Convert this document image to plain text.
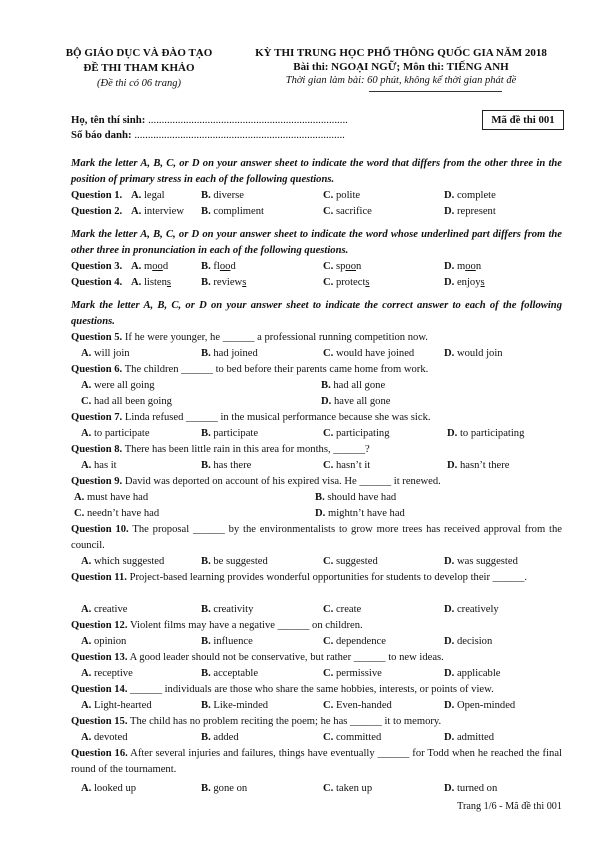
BỘ GIÁO DỤC VÀ ĐÀO TẠO
ĐỀ THI THAM KHẢO
(Đề thi có 06 trang)
KỲ THI TRUNG HỌC PHỔ THÔNG QUỐC GIA NĂM 2018
Bài thi: NGOẠI NGỮ; Môn thi: TIẾNG ANH
Thời gian làm bài: 60 phút, không kể thời gian phát đề
Họ, tên thí sinh: ..........................................................................
Số báo danh: ..............................................................................
Mã đề thi 001
Mark the letter A, B, C, or D on your answer sheet to indicate the word that differs from the other three in the position of primary stress in each of the following questions.
Question 1. A. legal	B. diverse	C. polite	D. complete
Question 2. A. interview B. compliment	C. sacrifice	D. represent
Mark the letter A, B, C, or D on your answer sheet to indicate the word whose underlined part differs from the other three in pronunciation in each of the following questions.
Question 3. A. mood	B. flood	C. spoon	D. moon
Question 4. A. listens	B. reviews	C. protects	D. enjoys
Mark the letter A, B, C, or D on your answer sheet to indicate the correct answer to each of the following questions.
Question 5. If he were younger, he ______ a professional running competition now.
A. will join	B. had joined	C. would have joined	D. would join
Question 6. The children ______ to bed before their parents came home from work.
A. were all going	B. had all gone
C. had all been going	D. have all gone
Question 7. Linda refused ______ in the musical performance because she was sick.
A. to participate	B. participate	C. participating	D. to participating
Question 8. There has been little rain in this area for months, ______?
A. has it	B. has there	C. hasn’t it	D. hasn’t there
Question 9. David was deported on account of his expired visa. He ______ it renewed.
A. must have had	B. should have had
C. needn’t have had	D. mightn’t have had
Question 10. The proposal ______ by the environmentalists to grow more trees has received approval from the council.
A. which suggested	B. be suggested	C. suggested	D. was suggested
Question 11. Project-based learning provides wonderful opportunities for students to develop their ______.
A. creative	B. creativity	C. create	D. creatively
Question 12. Violent films may have a negative ______ on children.
A. opinion	B. influence	C. dependence	D. decision
Question 13. A good leader should not be conservative, but rather ______ to new ideas.
A. receptive	B. acceptable	C. permissive	D. applicable
Question 14. ______ individuals are those who share the same hobbies, interests, or points of view.
A. Light-hearted	B. Like-minded	C. Even-handed	D. Open-minded
Question 15. The child has no problem reciting the poem; he has ______ it to memory.
A. devoted	B. added	C. committed	D. admitted
Question 16. After several injuries and failures, things have eventually ______ for Todd when he reached the final round of the tournament.
A. looked up	B. gone on	C. taken up	D. turned on
Trang 1/6 - Mã đề thi 001
